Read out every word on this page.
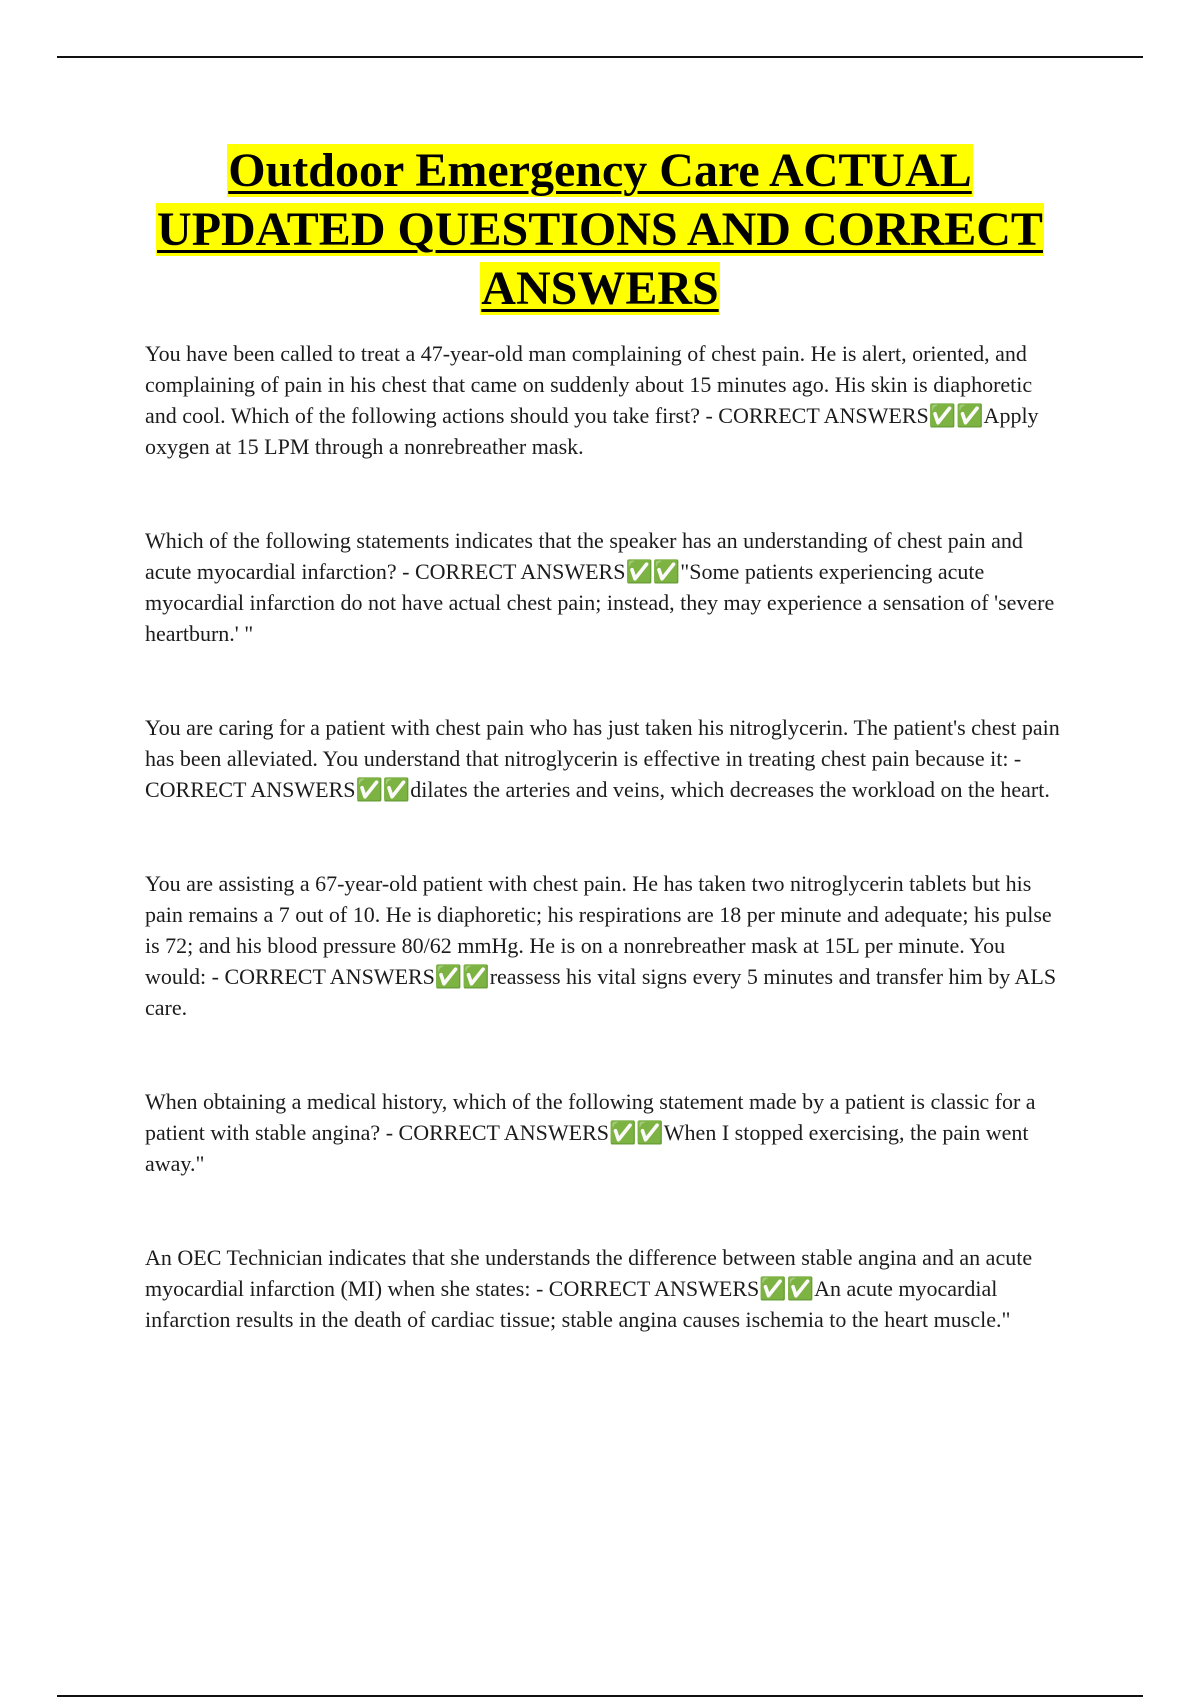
Outdoor Emergency Care ACTUAL UPDATED QUESTIONS AND CORRECT ANSWERS

You have been called to treat a 47-year-old man complaining of chest pain. He is alert, oriented, and complaining of pain in his chest that came on suddenly about 15 minutes ago. His skin is diaphoretic and cool. Which of the following actions should you take first? - CORRECT ANSWERS✅✅Apply oxygen at 15 LPM through a nonrebreather mask.

Which of the following statements indicates that the speaker has an understanding of chest pain and acute myocardial infarction? - CORRECT ANSWERS✅✅"Some patients experiencing acute myocardial infarction do not have actual chest pain; instead, they may experience a sensation of 'severe heartburn.' "

You are caring for a patient with chest pain who has just taken his nitroglycerin. The patient's chest pain has been alleviated. You understand that nitroglycerin is effective in treating chest pain because it: - CORRECT ANSWERS✅✅dilates the arteries and veins, which decreases the workload on the heart.

You are assisting a 67-year-old patient with chest pain. He has taken two nitroglycerin tablets but his pain remains a 7 out of 10. He is diaphoretic; his respirations are 18 per minute and adequate; his pulse is 72; and his blood pressure 80/62 mmHg. He is on a nonrebreather mask at 15L per minute. You would: - CORRECT ANSWERS✅✅reassess his vital signs every 5 minutes and transfer him by ALS care.

When obtaining a medical history, which of the following statement made by a patient is classic for a patient with stable angina? - CORRECT ANSWERS✅✅When I stopped exercising, the pain went away."

An OEC Technician indicates that she understands the difference between stable angina and an acute myocardial infarction (MI) when she states: - CORRECT ANSWERS✅✅An acute myocardial infarction results in the death of cardiac tissue; stable angina causes ischemia to the heart muscle."
